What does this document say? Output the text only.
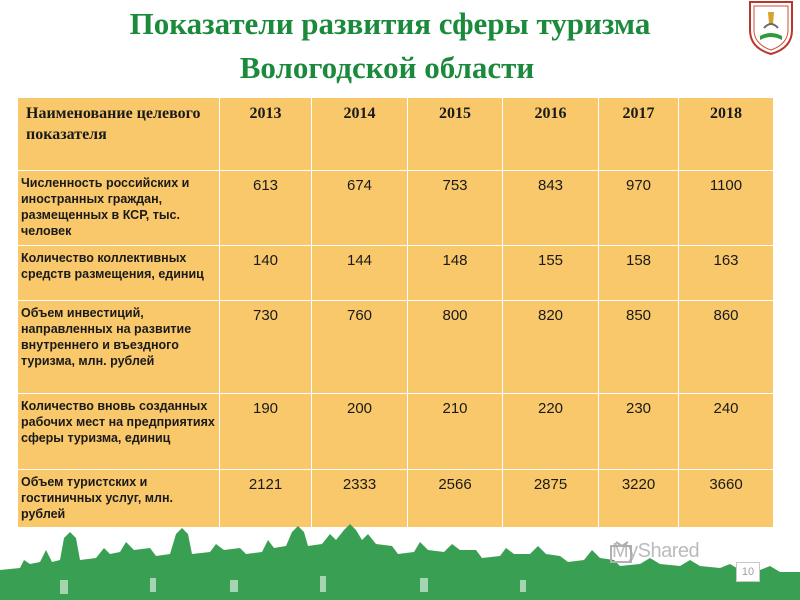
Показатели развития сферы туризма
Вологодской области
Наименование целевого показателя	2013	2014	2015	2016	2017	2018
Численность российских и иностранных граждан, размещенных в КСР, тыс. человек	613	674	753	843	970	1100
Количество коллективных средств размещения, единиц	140	144	148	155	158	163
Объем инвестиций, направленных на развитие внутреннего и въездного туризма, млн. рублей	730	760	800	820	850	860
Количество вновь созданных рабочих мест на предприятиях сферы туризма, единиц	190	200	210	220	230	240
Объем туристских и гостиничных услуг, млн. рублей	2121	2333	2566	2875	3220	3660
MyShared
10
